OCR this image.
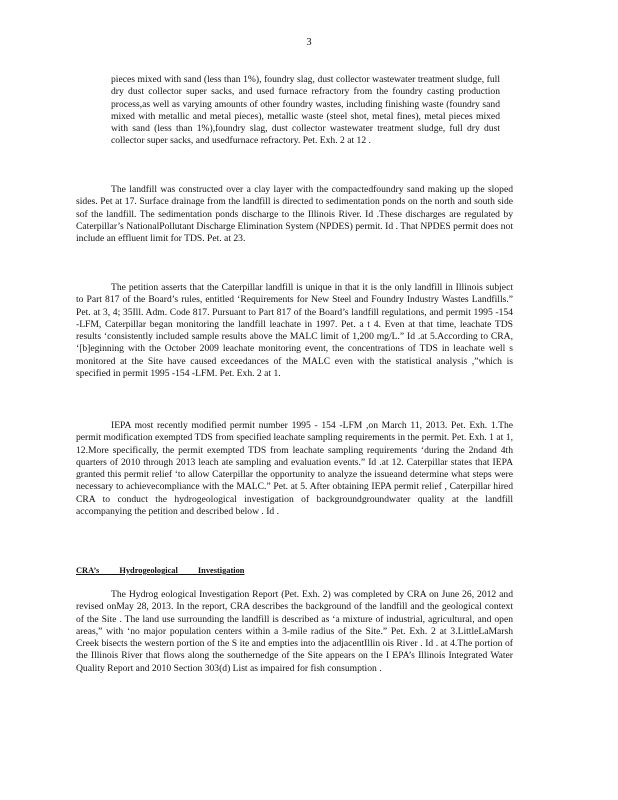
3

pieces mixed with sand (less than 1%), foundry slag, dust collector wastewater treatment sludge, full dry dust collector super sacks, and used furnace refractory from the foundry casting production process,as well as varying amounts of other foundry wastes, including finishing waste (foundry sand mixed with metallic and metal pieces), metallic waste (steel shot, metal fines), metal pieces mixed with sand (less than 1%),foundry slag, dust collector wastewater treatment sludge, full dry dust collector super sacks, and usedfurnace refractory. Pet. Exh. 2 at 12 .

The landfill was constructed over a clay layer with the compactedfoundry sand making up the sloped sides. Pet at 17. Surface drainage from the landfill is directed to sedimentation ponds on the north and south side sof the landfill. The sedimentation ponds discharge to the Illinois River. Id .These discharges are regulated by Caterpillar’s NationalPollutant Discharge Elimination System (NPDES) permit. Id . That NPDES permit does not include an effluent limit for TDS. Pet. at 23.

The petition asserts that the Caterpillar landfill is unique in that it is the only landfill in Illinois subject to Part 817 of the Board’s rules, entitled ‘Requirements for New Steel and Foundry Industry Wastes Landfills.” Pet. at 3, 4; 35Ill. Adm. Code 817. Pursuant to Part 817 of the Board’s landfill regulations, and permit 1995 -154 -LFM, Caterpillar began monitoring the landfill leachate in 1997. Pet. a t 4. Even at that time, leachate TDS results ‘consistently included sample results above the MALC limit of 1,200 mg/L.” Id .at 5.According to CRA, ‘[b]eginning with the October 2009 leachate monitoring event, the concentrations of TDS in leachate well s monitored at the Site have caused exceedances of the MALC even with the statistical analysis ,”which is specified in permit 1995 -154 -LFM. Pet. Exh. 2 at 1.

IEPA most recently modified permit number 1995 - 154 -LFM ,on March 11, 2013. Pet. Exh. 1.The permit modification exempted TDS from specified leachate sampling requirements in the permit. Pet. Exh. 1 at 1, 12.More specifically, the permit exempted TDS from leachate sampling requirements ‘during the 2ndand 4th quarters of 2010 through 2013 leach ate sampling and evaluation events.” Id .at 12. Caterpillar states that IEPA granted this permit relief ‘to allow Caterpillar the opportunity to analyze the issueand determine what steps were necessary to achievecompliance with the MALC.” Pet. at 5. After obtaining IEPA permit relief , Caterpillar hired CRA to conduct the hydrogeological investigation of backgroundgroundwater quality at the landfill accompanying the petition and described below . Id .

CRA’s Hydrogeological Investigation

The Hydrog eological Investigation Report (Pet. Exh. 2) was completed by CRA on June 26, 2012 and revised onMay 28, 2013. In the report, CRA describes the background of the landfill and the geological context of the Site . The land use surrounding the landfill is described as ‘a mixture of industrial, agricultural, and open areas,” with ‘no major population centers within a 3-mile radius of the Site.” Pet. Exh. 2 at 3.LittleLaMarsh Creek bisects the western portion of the S ite and empties into the adjacentIllin ois River . Id . at 4.The portion of the Illinois River that flows along the southernedge of the Site appears on the I EPA’s Illinois Integrated Water Quality Report and 2010 Section 303(d) List as impaired for fish consumption .
